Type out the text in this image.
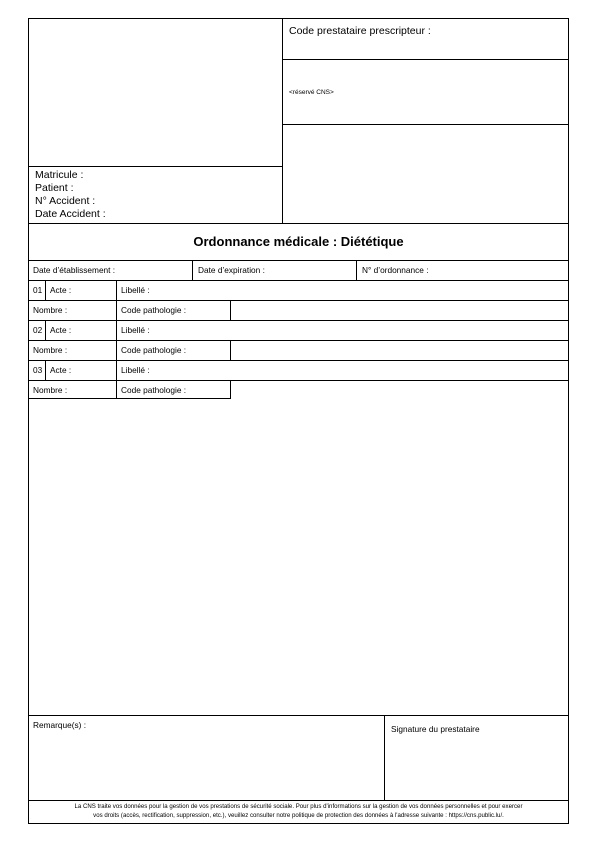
Code prestataire prescripteur :
<réservé CNS>
Matricule :
Patient :
N° Accident :
Date Accident :
Ordonnance médicale : Diététique
Date d’établissement :	Date d’expiration :	N° d’ordonnance :
01 Acte :	Libellé :
Nombre :	Code pathologie :
02 Acte :	Libellé :
Nombre :	Code pathologie :
03 Acte :	Libellé :
Nombre :	Code pathologie :
Remarque(s) :	Signature du prestataire
La CNS traite vos données pour la gestion de vos prestations de sécurité sociale. Pour plus d'informations sur la gestion de vos données personnelles et pour exercer
vos droits (accès, rectification, suppression, etc.), veuillez consulter notre politique de protection des données à l'adresse suivante : https://cns.public.lu/.
